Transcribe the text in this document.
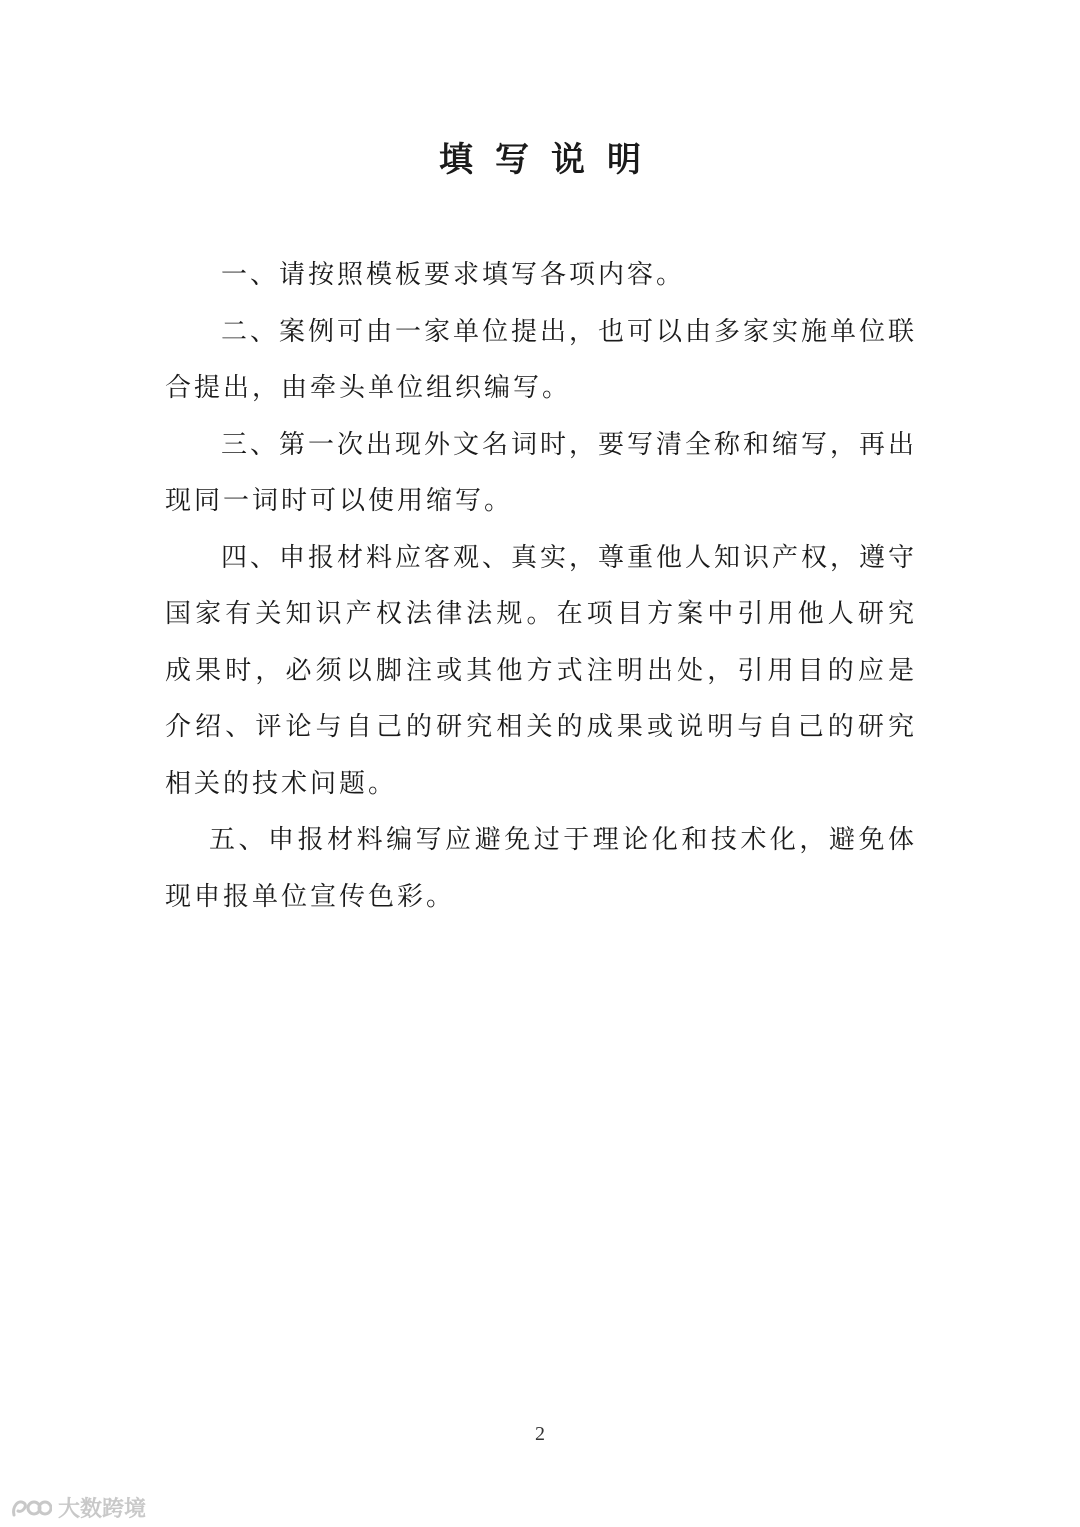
填写说明

一、请按照模板要求填写各项内容。

二、案例可由一家单位提出，也可以由多家实施单位联合提出，由牵头单位组织编写。

三、第一次出现外文名词时，要写清全称和缩写，再出现同一词时可以使用缩写。

四、申报材料应客观、真实，尊重他人知识产权，遵守国家有关知识产权法律法规。在项目方案中引用他人研究成果时，必须以脚注或其他方式注明出处，引用目的应是介绍、评论与自己的研究相关的成果或说明与自己的研究相关的技术问题。

五、申报材料编写应避免过于理论化和技术化，避免体现申报单位宣传色彩。

2
大数跨境
